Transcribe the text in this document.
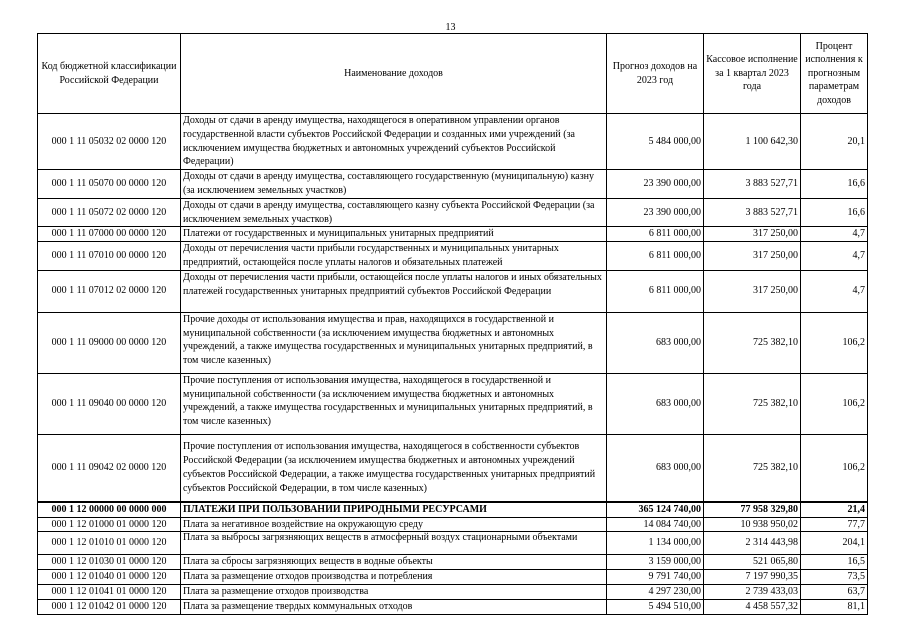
13
Код бюджетной классификации Российской Федерации	Наименование доходов	Прогноз доходов на 2023 год	Кассовое исполнение за 1 квартал 2023 года	Процент исполнения к прогнозным параметрам доходов
000 1 11 05032 02 0000 120	Доходы от сдачи в аренду имущества, находящегося в оперативном управлении органов государственной власти субъектов Российской Федерации и созданных ими учреждений (за исключением имущества бюджетных и автономных учреждений субъектов Российской Федерации)	5 484 000,00	1 100 642,30	20,1
000 1 11 05070 00 0000 120	Доходы от сдачи в аренду имущества, составляющего государственную (муниципальную) казну (за исключением земельных участков)	23 390 000,00	3 883 527,71	16,6
000 1 11 05072 02 0000 120	Доходы от сдачи в аренду имущества, составляющего казну субъекта Российской Федерации (за исключением земельных участков)	23 390 000,00	3 883 527,71	16,6
000 1 11 07000 00 0000 120	Платежи от государственных и муниципальных унитарных предприятий	6 811 000,00	317 250,00	4,7
000 1 11 07010 00 0000 120	Доходы от перечисления части прибыли государственных и муниципальных унитарных предприятий, остающейся после уплаты налогов и обязательных платежей	6 811 000,00	317 250,00	4,7
000 1 11 07012 02 0000 120	Доходы от перечисления части прибыли, остающейся после уплаты налогов и иных обязательных платежей государственных унитарных предприятий субъектов Российской Федерации	6 811 000,00	317 250,00	4,7
000 1 11 09000 00 0000 120	Прочие доходы от использования имущества и прав, находящихся в государственной и муниципальной собственности (за исключением имущества бюджетных и автономных учреждений, а также имущества государственных и муниципальных унитарных предприятий, в том числе казенных)	683 000,00	725 382,10	106,2
000 1 11 09040 00 0000 120	Прочие поступления от использования имущества, находящегося в государственной и муниципальной собственности (за исключением имущества бюджетных и автономных учреждений, а также имущества государственных и муниципальных унитарных предприятий, в том числе казенных)	683 000,00	725 382,10	106,2
000 1 11 09042 02 0000 120	Прочие поступления от использования имущества, находящегося в собственности субъектов Российской Федерации (за исключением имущества бюджетных и автономных учреждений субъектов Российской Федерации, а также имущества государственных унитарных предприятий субъектов Российской Федерации, в том числе казенных)	683 000,00	725 382,10	106,2
000 1 12 00000 00 0000 000	ПЛАТЕЖИ ПРИ ПОЛЬЗОВАНИИ ПРИРОДНЫМИ РЕСУРСАМИ	365 124 740,00	77 958 329,80	21,4
000 1 12 01000 01 0000 120	Плата за негативное воздействие на окружающую среду	14 084 740,00	10 938 950,02	77,7
000 1 12 01010 01 0000 120	Плата за выбросы загрязняющих веществ в атмосферный воздух стационарными объектами	1 134 000,00	2 314 443,98	204,1
000 1 12 01030 01 0000 120	Плата за сбросы загрязняющих веществ в водные объекты	3 159 000,00	521 065,80	16,5
000 1 12 01040 01 0000 120	Плата за размещение отходов производства и потребления	9 791 740,00	7 197 990,35	73,5
000 1 12 01041 01 0000 120	Плата за размещение отходов производства	4 297 230,00	2 739 433,03	63,7
000 1 12 01042 01 0000 120	Плата за размещение твердых коммунальных отходов	5 494 510,00	4 458 557,32	81,1
